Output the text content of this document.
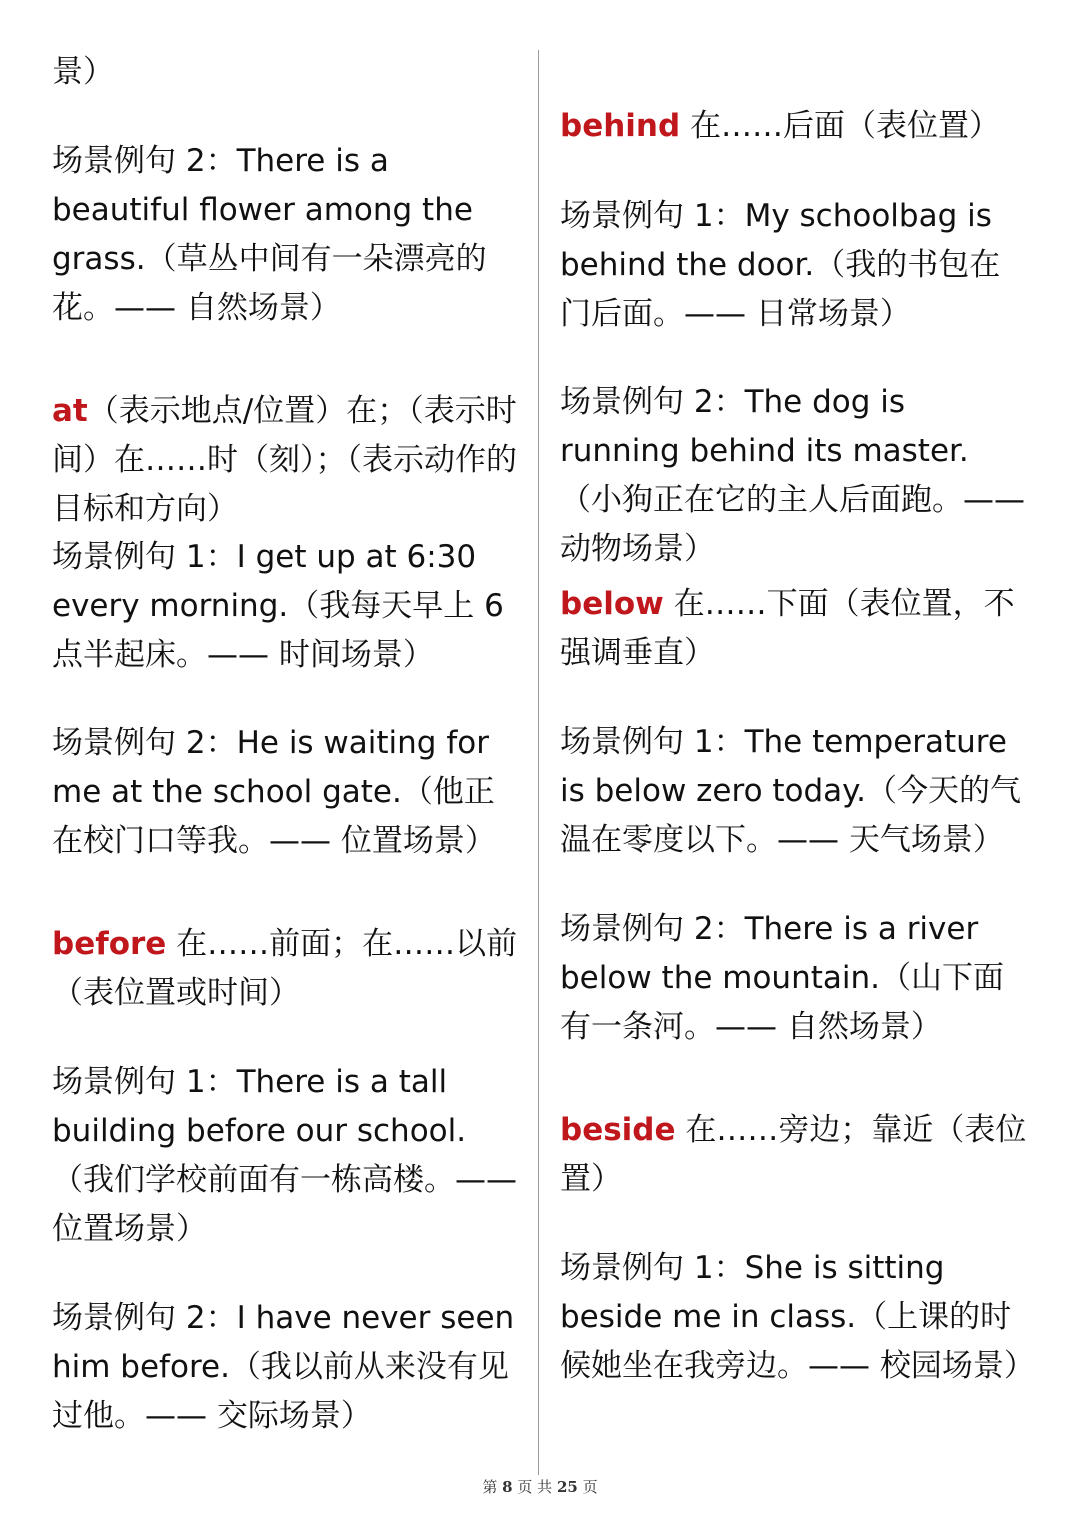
景）
场景例句 2：There is a beautiful flower among the grass.（草丛中间有一朵漂亮的花。—— 自然场景）
at（表示地点/位置）在；（表示时间）在……时（刻）；（表示动作的目标和方向）
场景例句 1：I get up at 6:30 every morning.（我每天早上 6 点半起床。—— 时间场景）
场景例句 2：He is waiting for me at the school gate.（他正在校门口等我。—— 位置场景）
before 在……前面；在……以前（表位置或时间）
场景例句 1：There is a tall building before our school.（我们学校前面有一栋高楼。—— 位置场景）
场景例句 2：I have never seen him before.（我以前从来没有见过他。—— 交际场景）
behind 在……后面（表位置）
场景例句 1：My schoolbag is behind the door.（我的书包在门后面。—— 日常场景）
场景例句 2：The dog is running behind its master.（小狗正在它的主人后面跑。—— 动物场景）
below 在……下面（表位置，不强调垂直）
场景例句 1：The temperature is below zero today.（今天的气温在零度以下。—— 天气场景）
场景例句 2：There is a river below the mountain.（山下面有一条河。—— 自然场景）
beside 在……旁边；靠近（表位置）
场景例句 1：She is sitting beside me in class.（上课的时候她坐在我旁边。—— 校园场景）
第 8 页 共 25 页
